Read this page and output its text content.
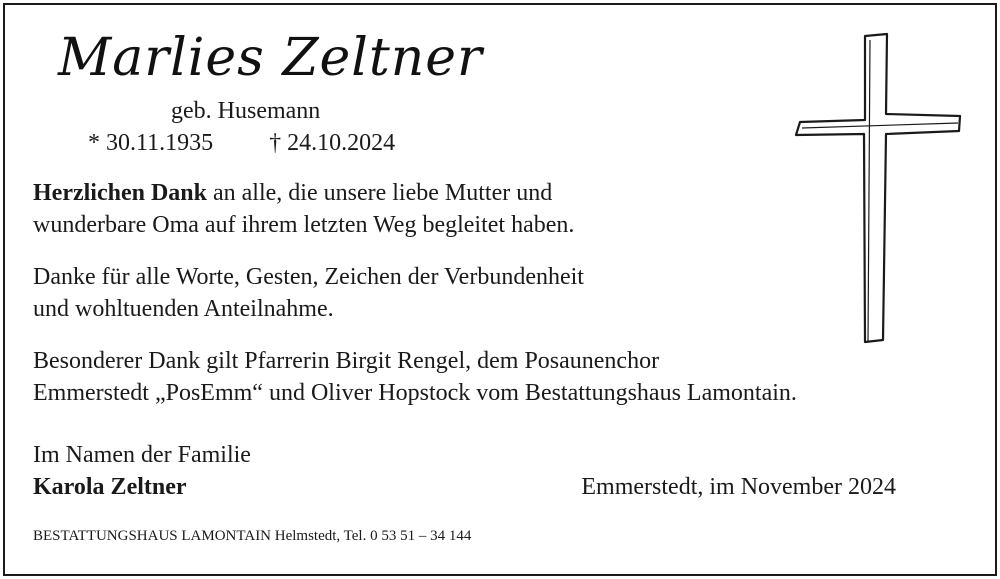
Marlies Zeltner
geb. Husemann
* 30.11.1935 † 24.10.2024
Herzlichen Dank an alle, die unsere liebe Mutter und
wunderbare Oma auf ihrem letzten Weg begleitet haben.
Danke für alle Worte, Gesten, Zeichen der Verbundenheit
und wohltuenden Anteilnahme.
Besonderer Dank gilt Pfarrerin Birgit Rengel, dem Posaunenchor
Emmerstedt „PosEmm“ und Oliver Hopstock vom Bestattungshaus Lamontain.
Im Namen der Familie
Karola Zeltner	Emmerstedt, im November 2024
BESTATTUNGSHAUS LAMONTAIN Helmstedt, Tel. 0 53 51 – 34 144
